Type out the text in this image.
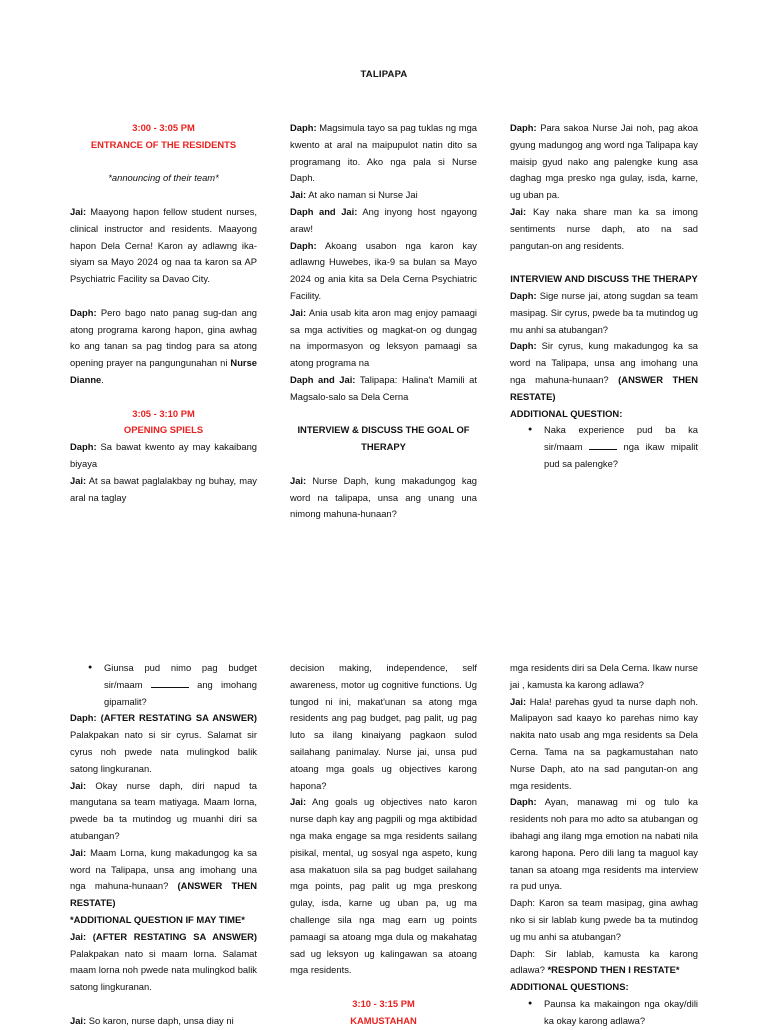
TALIPAPA

3:00 - 3:05 PM

ENTRANCE OF THE RESIDENTS

*announcing of their team*

Jai: Maayong hapon fellow student nurses, clinical instructor and residents. Maayong hapon Dela Cerna! Karon ay adlawng ika-siyam sa Mayo 2024 og naa ta karon sa AP Psychiatric Facility sa Davao City.

Daph: Pero bago nato panag sug-dan ang atong programa karong hapon, gina awhag ko ang tanan sa pag tindog para sa atong opening prayer na pangungunahan ni Nurse Dianne.

3:05 - 3:10 PM

OPENING SPIELS

Daph: Sa bawat kwento ay may kakaibang biyaya

Jai: At sa bawat paglalakbay ng buhay, may aral na taglay

Daph: Magsimula tayo sa pag tuklas ng mga kwento at aral na maipupulot natin dito sa programang ito. Ako nga pala si Nurse Daph.

Jai: At ako naman si Nurse Jai

Daph and Jai: Ang inyong host ngayong araw!

Daph: Akoang usabon nga karon kay adlawng Huwebes, ika-9 sa bulan sa Mayo 2024 og ania kita sa Dela Cerna Psychiatric Facility.

Jai: Ania usab kita aron mag enjoy pamaagi sa mga activities og magkat-on og dungag na impormasyon og leksyon pamaagi sa atong programa na

Daph and Jai: Talipapa: Halina't Mamili at Magsalo-salo sa Dela Cerna

INTERVIEW & DISCUSS THE GOAL OF THERAPY

Jai: Nurse Daph, kung makadungog kag word na talipapa, unsa ang unang una nimong mahuna-hunaan?

Daph: Para sakoa Nurse Jai noh, pag akoa gyung madungog ang word nga Talipapa kay maisip gyud nako ang palengke kung asa daghag mga presko nga gulay, isda, karne, ug uban pa.

Jai: Kay naka share man ka sa imong sentiments nurse daph, ato na sad pangutan-on ang residents.

INTERVIEW AND DISCUSS THE THERAPY

Daph: Sige nurse jai, atong sugdan sa team masipag. Sir cyrus, pwede ba ta mutindog ug mu anhi sa atubangan?

Daph: Sir cyrus, kung makadungog ka sa word na Talipapa, unsa ang imohang una nga mahuna-hunaan? (ANSWER THEN RESTATE)

ADDITIONAL QUESTION:

● Naka experience pud ba ka sir/maam	nga ikaw mipalit pud sa palengke?
● Giunsa pud nimo pag budget sir/maam	ang imohang gipamalit?

Daph: (AFTER RESTATING SA ANSWER) Palakpakan nato si sir cyrus. Salamat sir cyrus noh pwede nata mulingkod balik satong lingkuranan.

Jai: Okay nurse daph, diri napud ta mangutana sa team matiyaga. Maam lorna, pwede ba ta mutindog ug muanhi diri sa atubangan?

Jai: Maam Lorna, kung makadungog ka sa word na Talipapa, unsa ang imohang una nga mahuna-hunaan? (ANSWER THEN RESTATE)

*ADDITIONAL QUESTION IF MAY TIME*

Jai: (AFTER RESTATING SA ANSWER) Palakpakan nato si maam lorna. Salamat maam lorna noh pwede nata mulingkod balik satong lingkuranan.

Jai: So karon, nurse daph, unsa diay ni

decision making, independence, self awareness, motor ug cognitive functions. Ug tungod ni ini, makat'unan sa atong mga residents ang pag budget, pag palit, ug pag luto sa ilang kinaiyang pagkaon sulod sailahang panimalay. Nurse jai, unsa pud atoang mga goals ug objectives karong hapona?

Jai: Ang goals ug objectives nato karon nurse daph kay ang pagpili og mga aktibidad nga maka engage sa mga residents sailang pisikal, mental, ug sosyal nga aspeto, kung asa makatuon sila sa pag budget sailahang mga points, pag palit ug mga preskong gulay, isda, karne ug uban pa, ug ma challenge sila nga mag earn ug points pamaagi sa atoang mga dula og makahatag sad ug leksyon ug kalingawan sa atoang mga residents.

3:10 - 3:15 PM

KAMUSTAHAN

mga residents diri sa Dela Cerna. Ikaw nurse jai , kamusta ka karong adlawa?

Jai: Hala! parehas gyud ta nurse daph noh. Malipayon sad kaayo ko parehas nimo kay nakita nato usab ang mga residents sa Dela Cerna. Tama na sa pagkamustahan nato Nurse Daph, ato na sad pangutan-on ang mga residents.

Daph: Ayan, manawag mi og tulo ka residents noh para mo adto sa atubangan og ibahagi ang ilang mga emotion na nabati nila karong hapona. Pero dili lang ta maguol kay tanan sa atoang mga residents ma interview ra pud unya.

Daph: Karon sa team masipag, gina awhag nko si sir lablab kung pwede ba ta mutindog ug mu anhi sa atubangan?

Daph: Sir lablab, kamusta ka karong adlawa? *RESPOND THEN I RESTATE*

ADDITIONAL QUESTIONS:

● Paunsa ka makaingon nga okay/dili ka okay karong adlawa?
